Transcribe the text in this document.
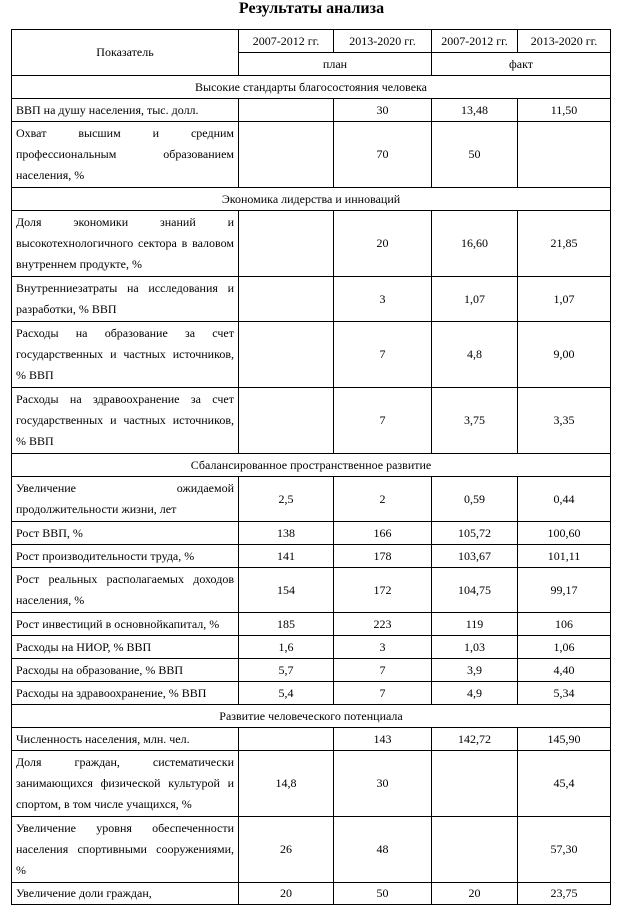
Результаты анализа
Показатель	2007-2012 гг.	2013-2020 гг.	2007-2012 гг.	2013-2020 гг.
	план		факт	
Высокие стандарты благосостояния человека				
ВВП на душу населения, тыс. долл.		30	13,48	11,50
Охват высшим и средним профессиональным образованием населения, %		70	50	
Экономика лидерства и инноваций				
Доля экономики знаний и высокотехнологичного сектора в валовом внутреннем продукте, %		20	16,60	21,85
Внутренниезатраты на исследования и разработки, % ВВП		3	1,07	1,07
Расходы на образование за счет государственных и частных источников, % ВВП		7	4,8	9,00
Расходы на здравоохранение за счет государственных и частных источников, % ВВП		7	3,75	3,35
Сбалансированное пространственное развитие				
Увеличение ожидаемой продолжительности жизни, лет	2,5	2	0,59	0,44
Рост ВВП, %	138	166	105,72	100,60
Рост производительности труда, %	141	178	103,67	101,11
Рост реальных располагаемых доходов населения, %	154	172	104,75	99,17
Рост инвестиций в основнойкапитал, %	185	223	119	106
Расходы на НИОР, % ВВП	1,6	3	1,03	1,06
Расходы на образование, % ВВП	5,7	7	3,9	4,40
Расходы на здравоохранение, % ВВП	5,4	7	4,9	5,34
Развитие человеческого потенциала				
Численность населения, млн. чел.		143	142,72	145,90
Доля граждан, систематически занимающихся физической культурой и спортом, в том числе учащихся, %	14,8	30		45,4
Увеличение уровня обеспеченности населения спортивными сооружениями, %	26	48		57,30
Увеличение доли граждан,	20	50	20	23,75
